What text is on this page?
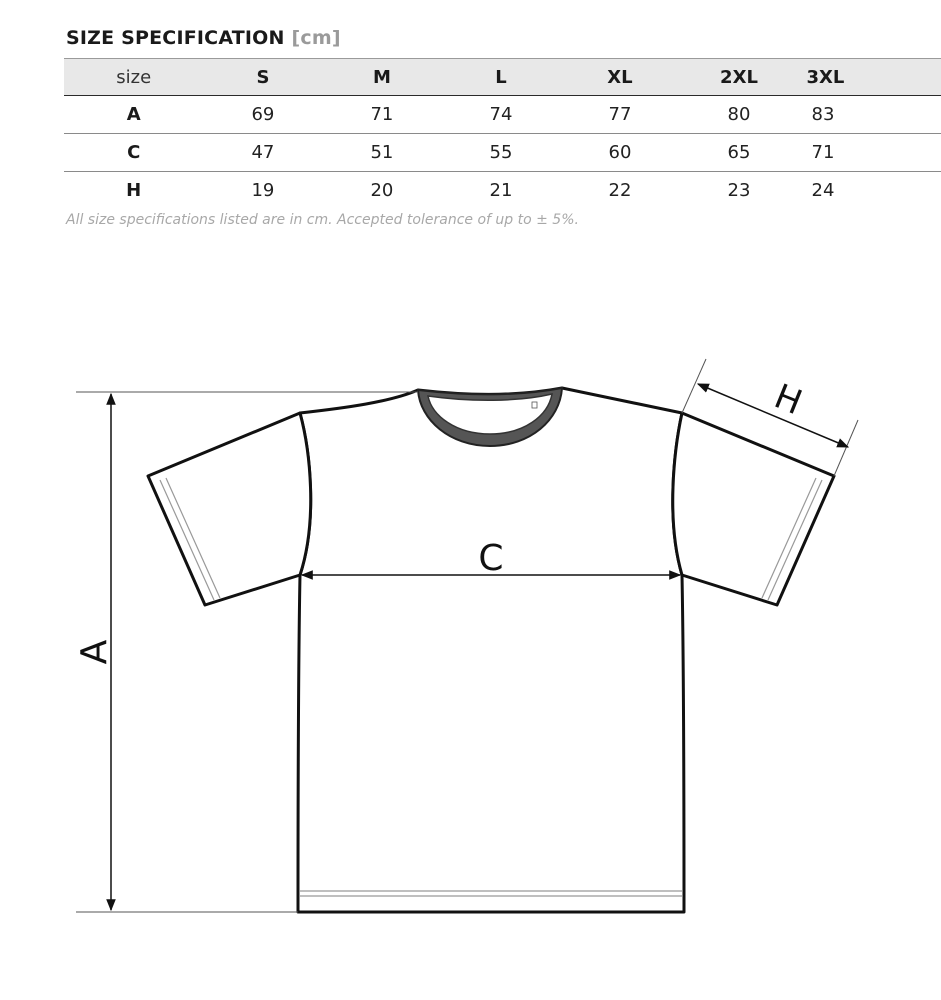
SIZE SPECIFICATION [cm]
size	S	M	L	XL	2XL	3XL
A	69	71	74	77	80	83
C	47	51	55	60	65	71
H	19	20	21	22	23	24
All size specifications listed are in cm. Accepted tolerance of up to ± 5%.
A
C
H
